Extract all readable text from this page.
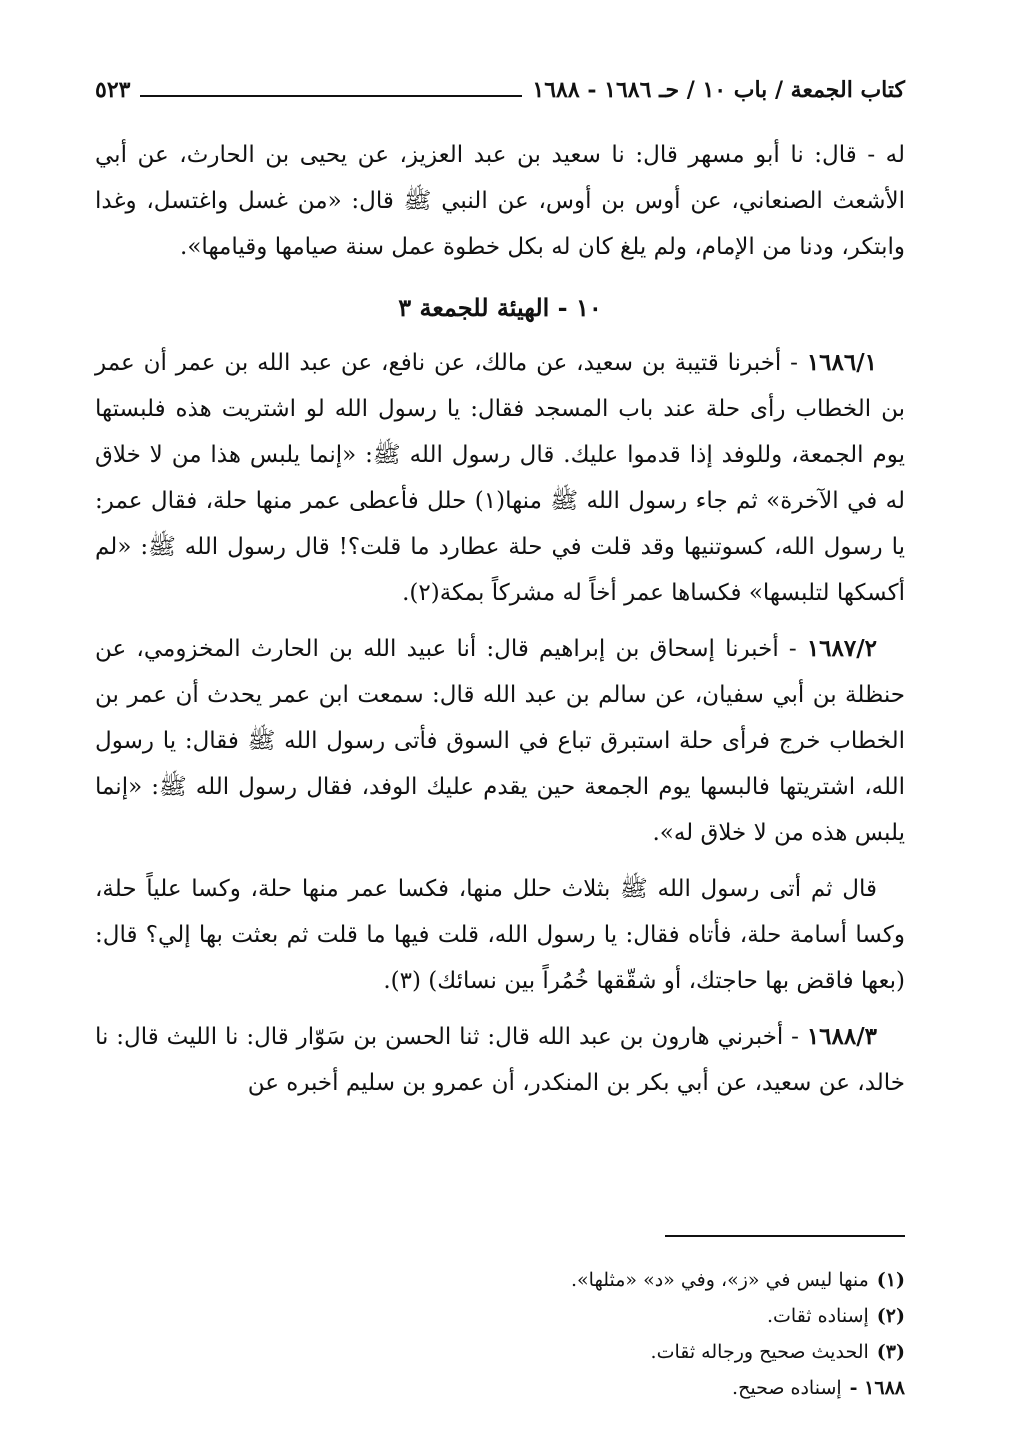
كتاب الجمعة / باب ١٠ / حـ ١٦٨٦ - ١٦٨٨
٥٢٣

له - قال: نا أبو مسهر قال: نا سعيد بن عبد العزيز، عن يحيى بن الحارث، عن أبي الأشعث الصنعاني، عن أوس بن أوس، عن النبي ﷺ قال: «من غسل واغتسل، وغدا وابتكر، ودنا من الإمام، ولم يلغ كان له بكل خطوة عمل سنة صيامها وقيامها».

١٠ - الهيئة للجمعة ٣

١٦٨٦/١ - أخبرنا قتيبة بن سعيد، عن مالك، عن نافع، عن عبد الله بن عمر أن عمر بن الخطاب رأى حلة عند باب المسجد فقال: يا رسول الله لو اشتريت هذه فلبستها يوم الجمعة، وللوفد إذا قدموا عليك. قال رسول الله ﷺ: «إنما يلبس هذا من لا خلاق له في الآخرة» ثم جاء رسول الله ﷺ منها(١) حلل فأعطى عمر منها حلة، فقال عمر: يا رسول الله، كسوتنيها وقد قلت في حلة عطارد ما قلت؟! قال رسول الله ﷺ: «لم أكسكها لتلبسها» فكساها عمر أخاً له مشركاً بمكة(٢).

١٦٨٧/٢ - أخبرنا إسحاق بن إبراهيم قال: أنا عبيد الله بن الحارث المخزومي، عن حنظلة بن أبي سفيان، عن سالم بن عبد الله قال: سمعت ابن عمر يحدث أن عمر بن الخطاب خرج فرأى حلة استبرق تباع في السوق فأتى رسول الله ﷺ فقال: يا رسول الله، اشتريتها فالبسها يوم الجمعة حين يقدم عليك الوفد، فقال رسول الله ﷺ: «إنما يلبس هذه من لا خلاق له».

قال ثم أتى رسول الله ﷺ بثلاث حلل منها، فكسا عمر منها حلة، وكسا علياً حلة، وكسا أسامة حلة، فأتاه فقال: يا رسول الله، قلت فيها ما قلت ثم بعثت بها إلي؟ قال: (بعها فاقض بها حاجتك، أو شقّقها خُمُراً بين نسائك) (٣).

١٦٨٨/٣ - أخبرني هارون بن عبد الله قال: ثنا الحسن بن سَوّار قال: نا الليث قال: نا خالد، عن سعيد، عن أبي بكر بن المنكدر، أن عمرو بن سليم أخبره عن

(١)منها ليس في «ز»، وفي «د» «مثلها».

(٢)إسناده ثقات.

(٣)الحديث صحيح ورجاله ثقات.

١٦٨٨ -إسناده صحيح.
